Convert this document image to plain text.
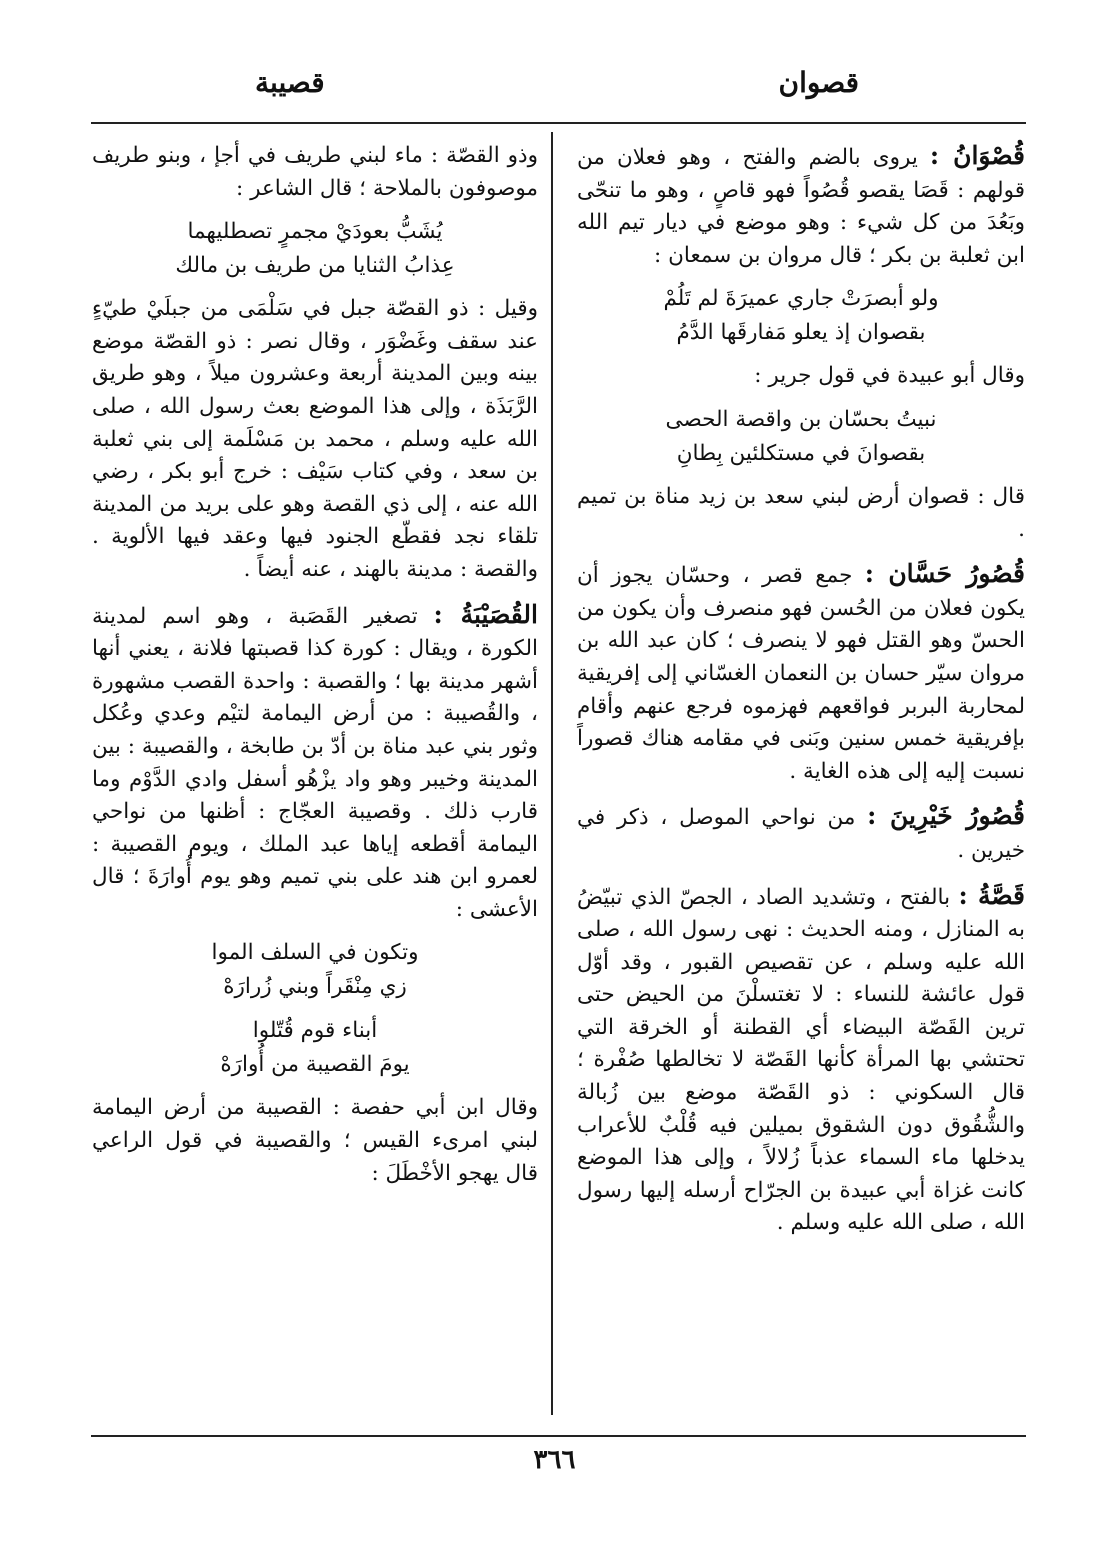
قصوان
قصيبة
قُصْوَانُ : يروى بالضم والفتح ، وهو فعلان من قولهم : قَصَا يقصو قُصُواً فهو قاصٍ ، وهو ما تنحّى وبَعُدَ من كل شيء : وهو موضع في ديار تيم الله ابن ثعلبة بن بكر ؛ قال مروان بن سمعان :
ولو أبصرَتْ جاري عميرَةَ لم تَلُمْ
بقصوان إذ يعلو مَفارقَها الدَّمُ
وقال أبو عبيدة في قول جرير :
نبيتُ بحسّان بن واقصة الحصى
بقصوانَ في مستكلئين بِطانِ
قال : قصوان أرض لبني سعد بن زيد مناة بن تميم .
قُصُورُ حَسَّان : جمع قصر ، وحسّان يجوز أن يكون فعلان من الحُسن فهو منصرف وأن يكون من الحسّ وهو القتل فهو لا ينصرف ؛ كان عبد الله بن مروان سيّر حسان بن النعمان الغسّاني إلى إفريقية لمحاربة البربر فواقعهم فهزموه فرجع عنهم وأقام بإفريقية خمس سنين وبَنى في مقامه هناك قصوراً نسبت إليه إلى هذه الغاية .
قُصُورُ خَيْرِينَ : من نواحي الموصل ، ذكر في خيرين .
قَصَّةُ : بالفتح ، وتشديد الصاد ، الجصّ الذي تبيّضُ به المنازل ، ومنه الحديث : نهى رسول الله ، صلى الله عليه وسلم ، عن تقصيص القبور ، وقد أوّل قول عائشة للنساء : لا تغتسلْنَ من الحيض حتى ترين القَصّة البيضاء أي القطنة أو الخرقة التي تحتشي بها المرأة كأنها القَصّة لا تخالطها صُفْرة ؛ قال السكوني : ذو القَصّة موضع بين زُبالة والشُّقُوق دون الشقوق بميلين فيه قُلْبٌ للأعراب يدخلها ماء السماء عذباً زُلالاً ، وإلى هذا الموضع كانت غزاة أبي عبيدة بن الجرّاح أرسله إليها رسول الله ، صلى الله عليه وسلم .
وذو القصّة : ماء لبني طريف في أجإ ، وبنو طريف موصوفون بالملاحة ؛ قال الشاعر :
يُشَبُّ بعودَيْ مجمرٍ تصطليهما
عِذابُ الثنايا من طريف بن مالك
وقيل : ذو القصّة جبل في سَلْمَى من جبلَيْ طيّءٍ عند سقف وغَضْوَر ، وقال نصر : ذو القصّة موضع بينه وبين المدينة أربعة وعشرون ميلاً ، وهو طريق الرَّبَذَة ، وإلى هذا الموضع بعث رسول الله ، صلى الله عليه وسلم ، محمد بن مَسْلَمة إلى بني ثعلبة بن سعد ، وفي كتاب سَيْف : خرج أبو بكر ، رضي الله عنه ، إلى ذي القصة وهو على بريد من المدينة تلقاء نجد فقطّع الجنود فيها وعقد فيها الألوية . والقصة : مدينة بالهند ، عنه أيضاً .
القُصَيْبَةُ : تصغير القَصَبة ، وهو اسم لمدينة الكورة ، ويقال : كورة كذا قصبتها فلانة ، يعني أنها أشهر مدينة بها ؛ والقصبة : واحدة القصب مشهورة ، والقُصيبة : من أرض اليمامة لتيْم وعدي وعُكل وثور بني عبد مناة بن أدّ بن طابخة ، والقصيبة : بين المدينة وخيبر وهو واد يزْهُو أسفل وادي الدَّوْم وما قارب ذلك . وقصيبة العجّاج : أظنها من نواحي اليمامة أقطعه إياها عبد الملك ، ويوم القصيبة : لعمرو ابن هند على بني تميم وهو يوم أُوارَةَ ؛ قال الأعشى :
وتكون في السلف الموا
زي مِنْقَراً وبني زُرارَهْ
أبناء قوم قُتّلوا
يومَ القصيبة من أُوارَهْ
وقال ابن أبي حفصة : القصيبة من أرض اليمامة لبني امرىء القيس ؛ والقصيبة في قول الراعي قال يهجو الأخْطَلَ :
٣٦٦
